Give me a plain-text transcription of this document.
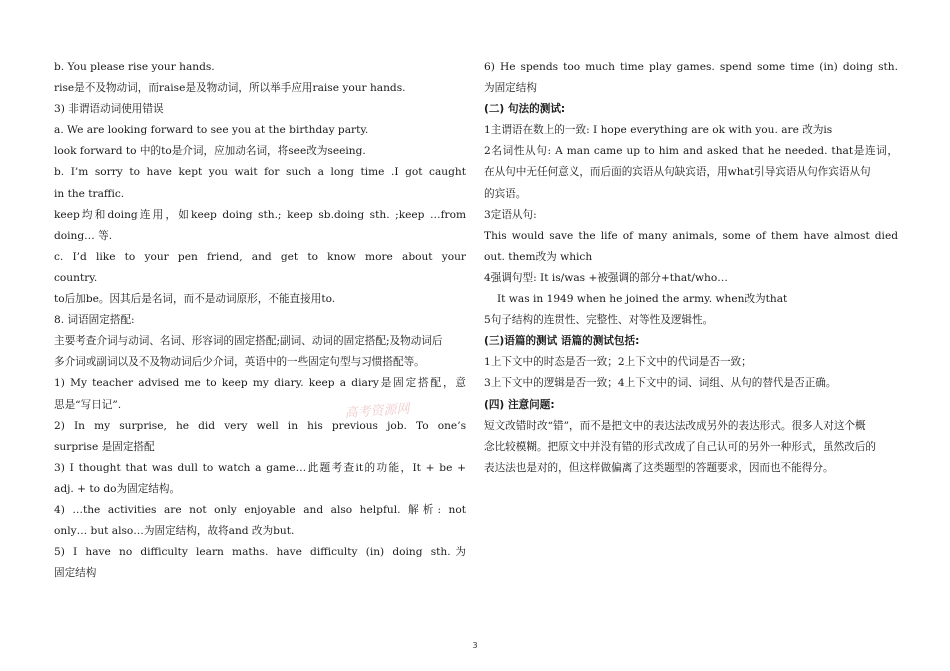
b. You please rise your hands.
rise是不及物动词，而raise是及物动词，所以举手应用raise your hands.
3) 非谓语动词使用错误
a. We are looking forward to see you at the birthday party.
look forward to 中的to是介词，应加动名词，将see改为seeing.
b. I’m sorry to have kept you wait for such a long time .I got caught
in the traffic.
keep均和doing连用，如keep doing sth.; keep sb.doing sth. ;keep …from
doing… 等.
c. I’d like to your pen friend, and get to know more about your
country.
to后加be。因其后是名词，而不是动词原形，不能直接用to.
8. 词语固定搭配:
主要考查介词与动词、名词、形容词的固定搭配;副词、动词的固定搭配;及物动词后
多介词或副词以及不及物动词后少介词，英语中的一些固定句型与习惯搭配等。
1) My teacher advised me to keep my diary. keep a diary是固定搭配，意
思是“写日记”.
2) In my surprise, he did very well in his previous job. To one’s
surprise 是固定搭配
3) I thought that was dull to watch a game…此题考查it的功能，It + be +
adj. + to do为固定结构。
4) …the activities are not only enjoyable and also helpful. 解析: not
only… but also…为固定结构，故将and 改为but.
5) I have no difficulty learn maths. have difficulty (in) doing sth.为
固定结构
6) He spends too much time play games. spend some time (in) doing sth.
为固定结构
(二) 句法的测试:
1主谓语在数上的一致: I hope everything are ok with you. are 改为is
2名词性从句: A man came up to him and asked that he needed. that是连词，
在从句中无任何意义，而后面的宾语从句缺宾语，用what引导宾语从句作宾语从句
的宾语。
3定语从句:
This would save the life of many animals, some of them have almost died
out. them改为 which
4强调句型: It is/was +被强调的部分+that/who…
It was in 1949 when he joined the army. when改为that
5句子结构的连贯性、完整性、对等性及逻辑性。
(三)语篇的测试 语篇的测试包括:
1上下文中的时态是否一致；2上下文中的代词是否一致；
3上下文中的逻辑是否一致；4上下文中的词、词组、从句的替代是否正确。
(四) 注意问题:
短文改错时改“错”，而不是把文中的表达法改成另外的表达形式。很多人对这个概
念比较模糊。把原文中并没有错的形式改成了自己认可的另外一种形式，虽然改后的
表达法也是对的，但这样做偏离了这类题型的答题要求，因而也不能得分。
高考资源网
3
